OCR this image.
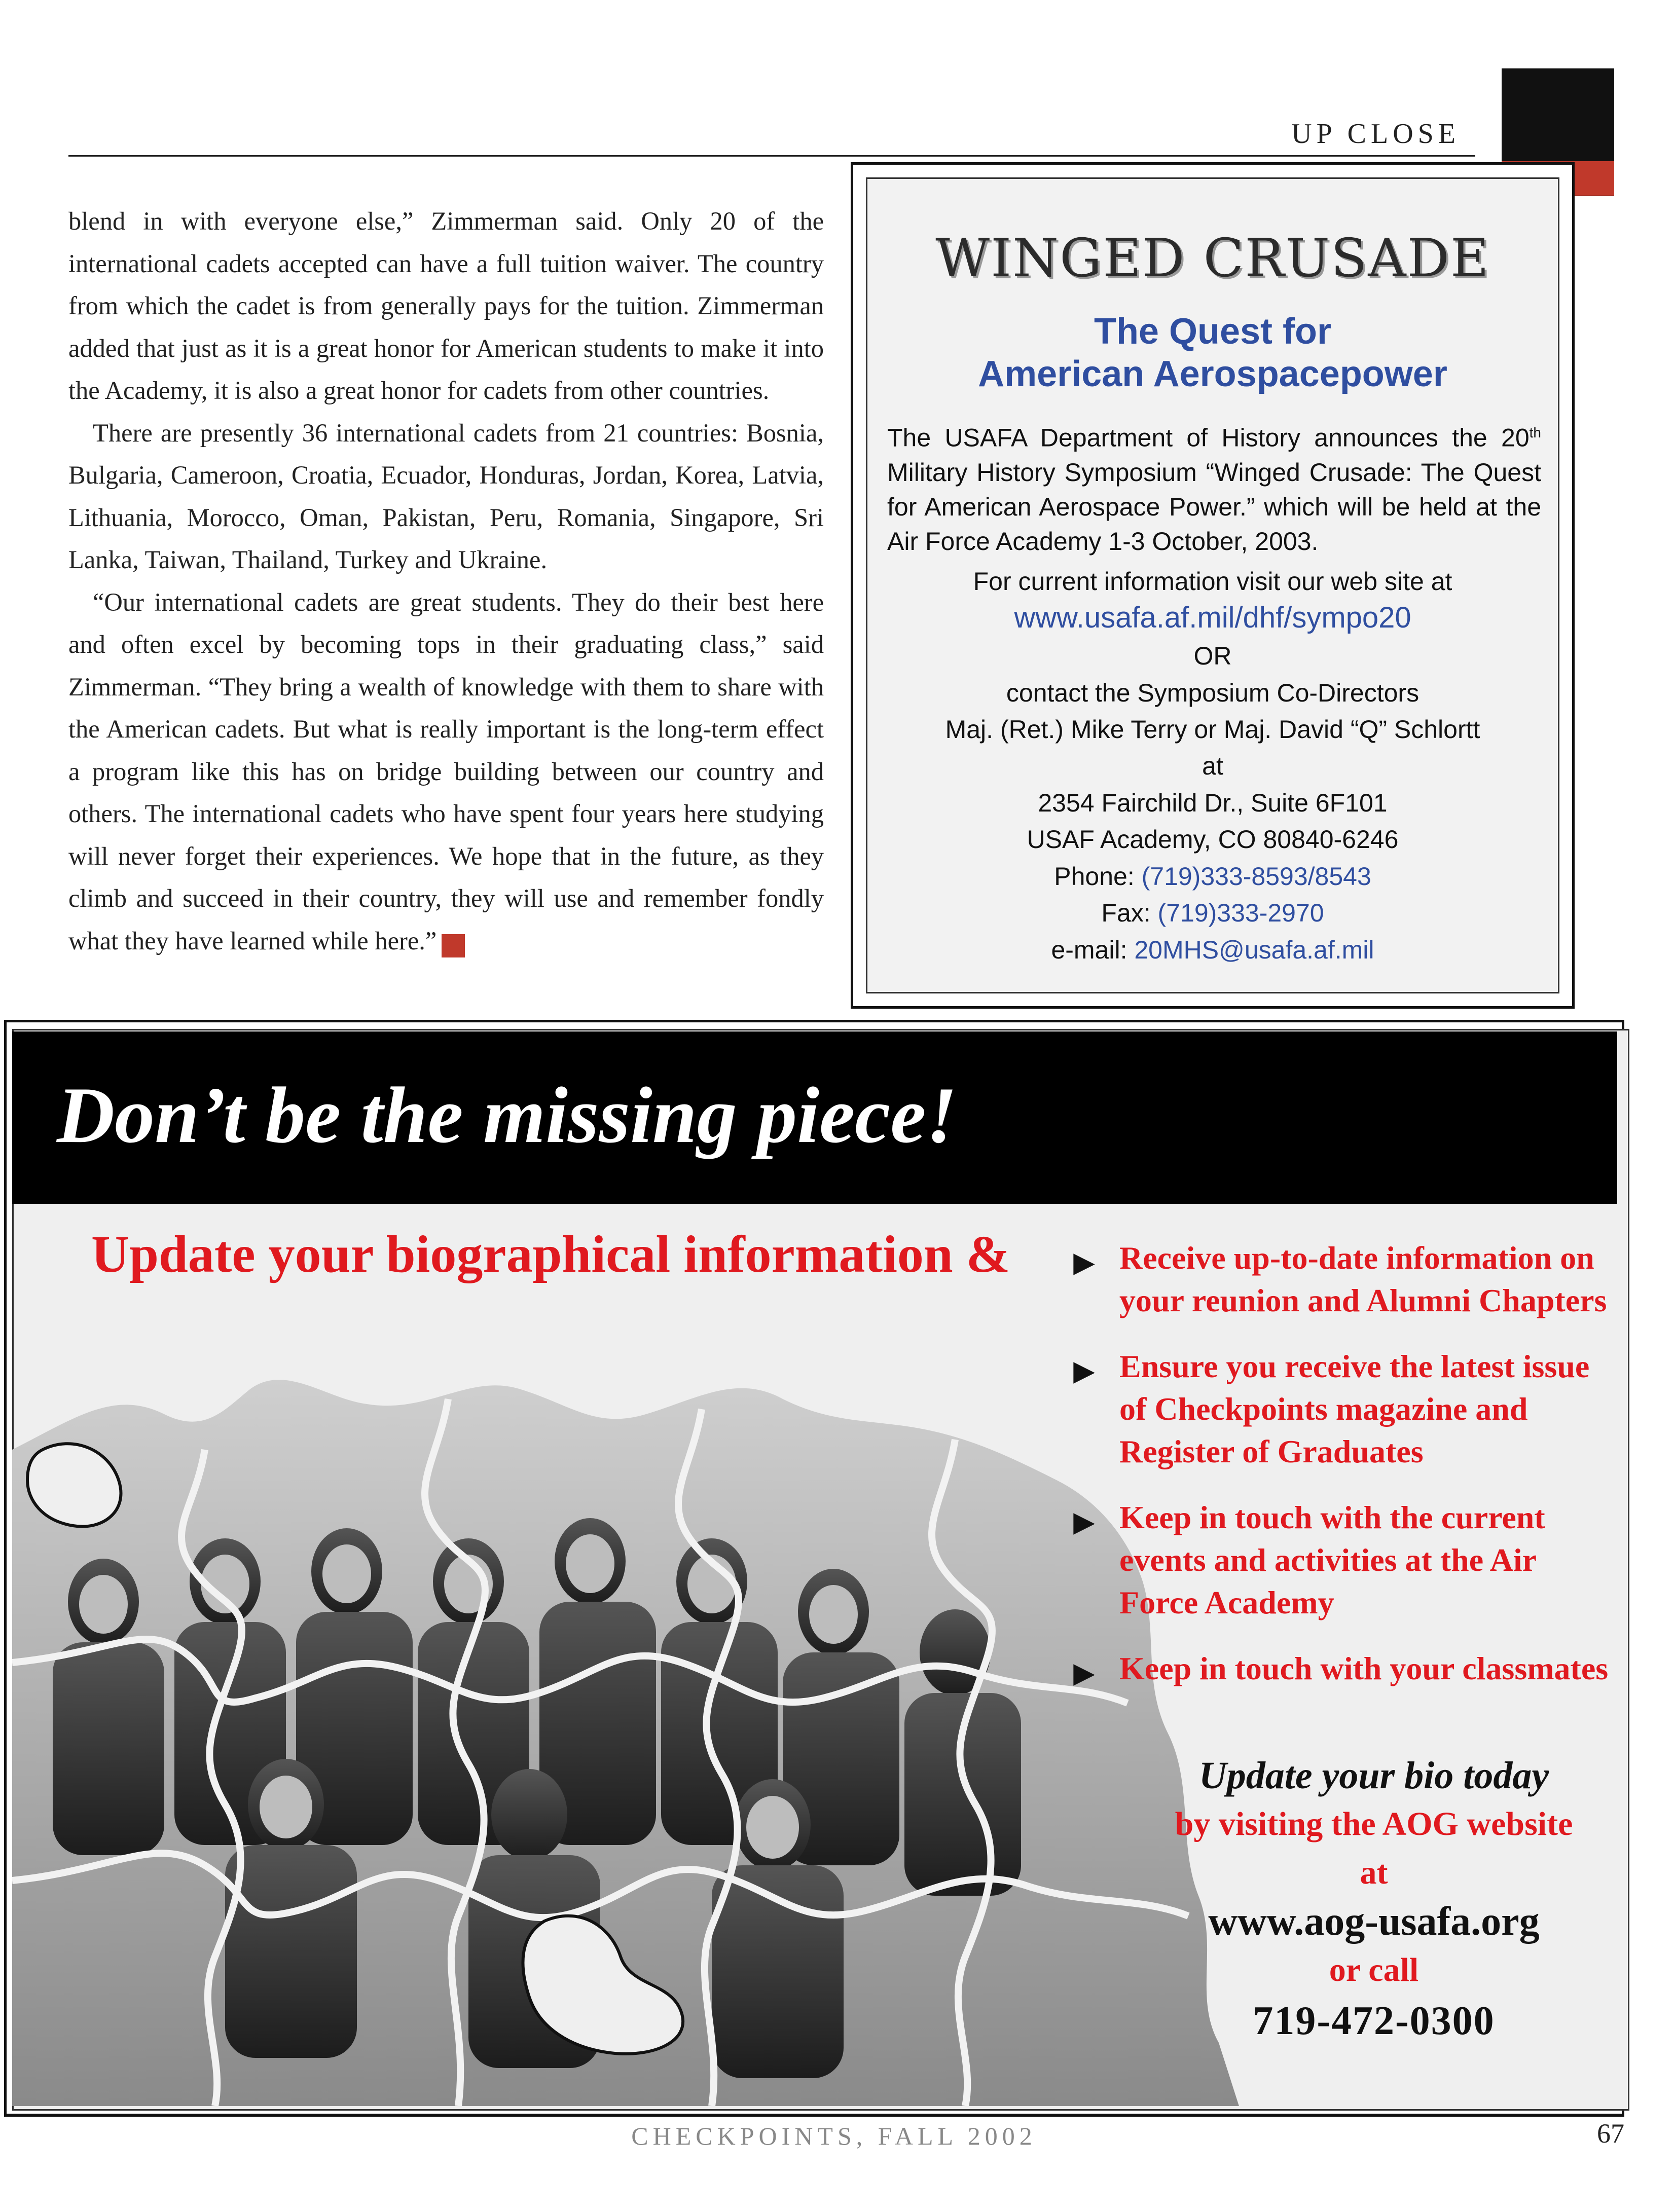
UP CLOSE

blend in with everyone else,” Zimmerman said. Only 20 of the international cadets accepted can have a full tuition waiver. The country from which the cadet is from generally pays for the tuition. Zimmerman added that just as it is a great honor for American students to make it into the Academy, it is also a great honor for cadets from other countries.

There are presently 36 international cadets from 21 countries: Bosnia, Bulgaria, Cameroon, Croatia, Ecuador, Honduras, Jordan, Korea, Latvia, Lithuania, Morocco, Oman, Pakistan, Peru, Romania, Singapore, Sri Lanka, Taiwan, Thailand, Turkey and Ukraine.

“Our international cadets are great students. They do their best here and often excel by becoming tops in their graduating class,” said Zimmerman. “They bring a wealth of knowledge with them to share with the American cadets. But what is really important is the long-term effect a program like this has on bridge building between our country and others. The international cadets who have spent four years here studying will never forget their experiences. We hope that in the future, as they climb and succeed in their country, they will use and remember fondly what they have learned while here.” ✓

WINGED CRUSADE
The Quest for
American Aerospacepower
The USAFA Department of History announces the 20th Military History Symposium “Winged Crusade: The Quest for American Aerospace Power.” which will be held at the Air Force Academy 1-3 October, 2003.
For current information visit our web site at
www.usafa.af.mil/dhf/sympo20
OR
contact the Symposium Co-Directors
Maj. (Ret.) Mike Terry or Maj. David “Q” Schlortt
at
2354 Fairchild Dr., Suite 6F101
USAF Academy, CO 80840-6246
Phone: (719)333-8593/8543
Fax: (719)333-2970
e-mail: 20MHS@usafa.af.mil
Don’t be the missing piece!
Update your biographical information & ▶ Receive up-to-date information on your reunion and Alumni Chapters
▶ Ensure you receive the latest issue of Checkpoints magazine and Register of Graduates
▶ Keep in touch with the current events and activities at the Air Force Academy
▶ Keep in touch with your classmates
Update your bio today
by visiting the AOG website
at
www.aog-usafa.org
or call
719-472-0300
CHECKPOINTS, FALL 2002	67
